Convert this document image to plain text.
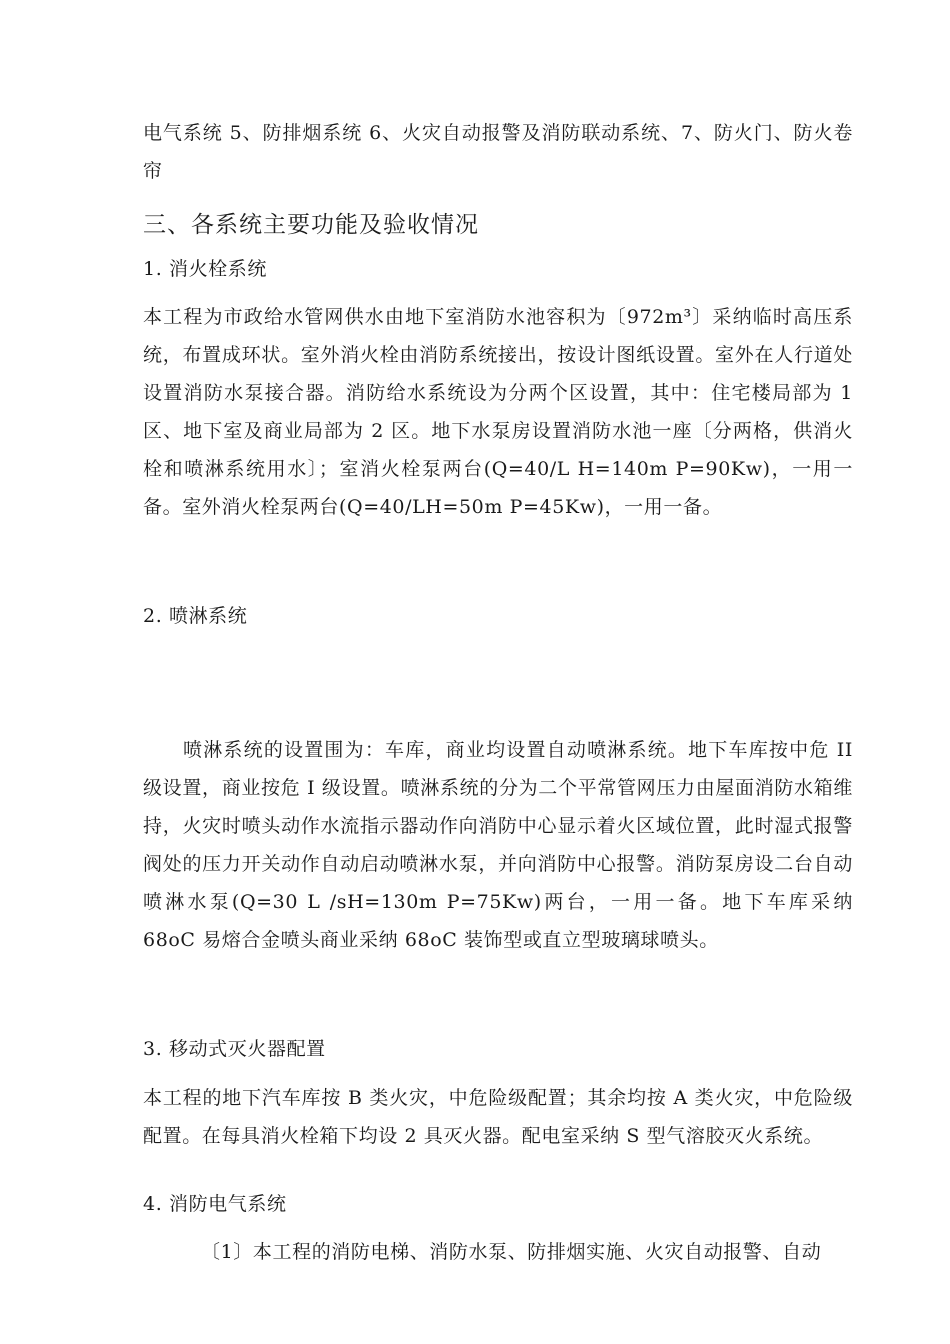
电气系统 5、防排烟系统 6、火灾自动报警及消防联动系统、7、防火门、防火卷帘

三、各系统主要功能及验收情况

1. 消火栓系统

本工程为市政给水管网供水由地下室消防水池容积为〔972m³〕采纳临时高压系统，布置成环状。室外消火栓由消防系统接出，按设计图纸设置。室外在人行道处设置消防水泵接合器。消防给水系统设为分两个区设置，其中：住宅楼局部为 1 区、地下室及商业局部为 2 区。地下水泵房设置消防水池一座〔分两格，供消火栓和喷淋系统用水〕；室消火栓泵两台(Q=40/L H=140m P=90Kw)，一用一备。室外消火栓泵两台(Q=40/LH=50m P=45Kw)，一用一备。

2. 喷淋系统

喷淋系统的设置围为：车库，商业均设置自动喷淋系统。地下车库按中危 II 级设置，商业按危 I 级设置。喷淋系统的分为二个平常管网压力由屋面消防水箱维持，火灾时喷头动作水流指示器动作向消防中心显示着火区域位置，此时湿式报警阀处的压力开关动作自动启动喷淋水泵，并向消防中心报警。消防泵房设二台自动喷淋水泵(Q=30 L /sH=130m P=75Kw)两台，一用一备。地下车库采纳 68oC 易熔合金喷头商业采纳 68oC 装饰型或直立型玻璃球喷头。

3. 移动式灭火器配置

本工程的地下汽车库按 B 类火灾，中危险级配置；其余均按 A 类火灾，中危险级配置。在每具消火栓箱下均设 2 具灭火器。配电室采纳 S 型气溶胶灭火系统。

4. 消防电气系统

〔1〕本工程的消防电梯、消防水泵、防排烟实施、火灾自动报警、自动
